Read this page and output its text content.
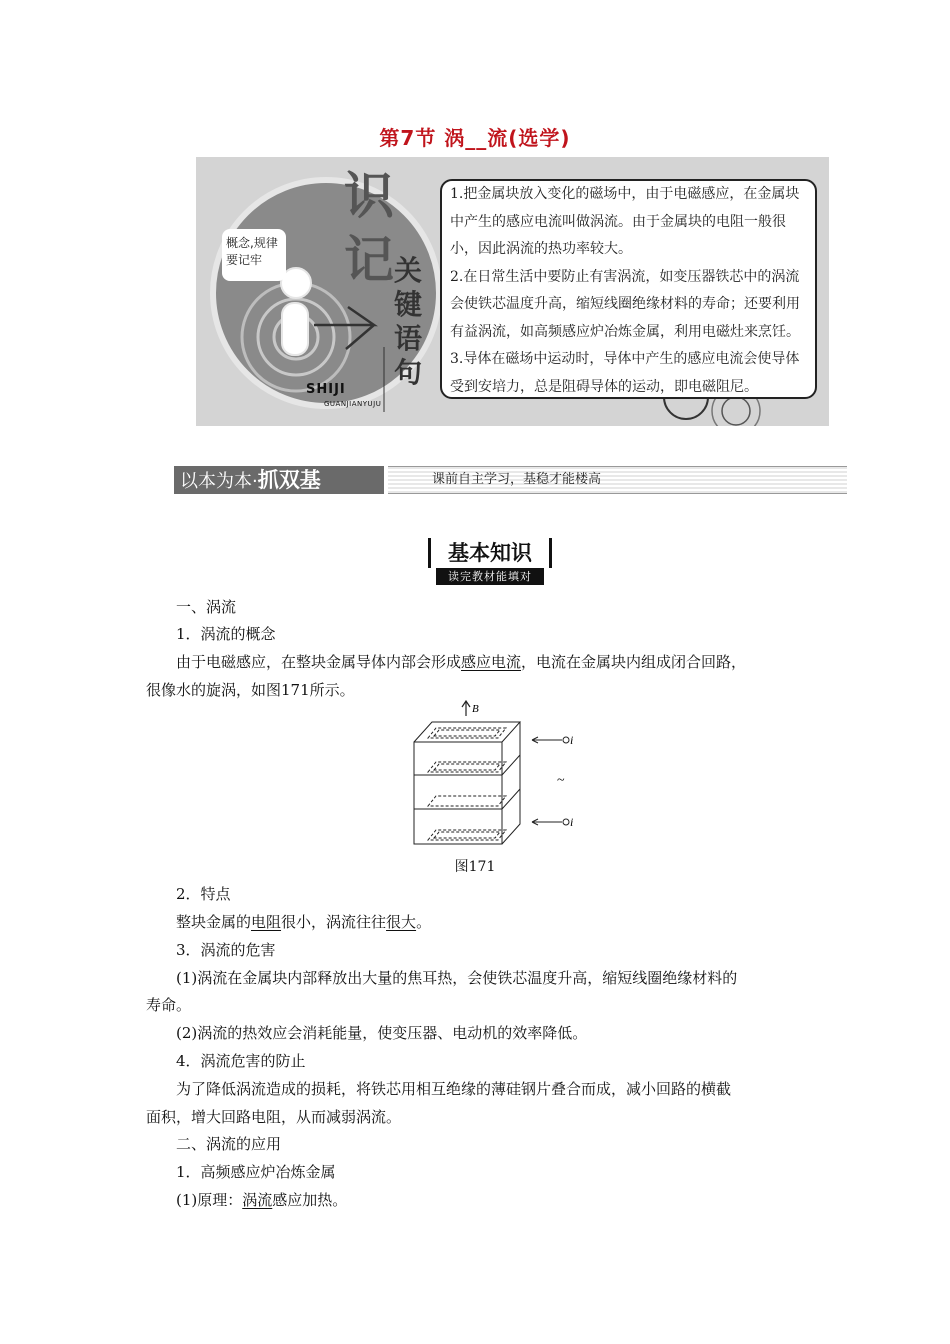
第7节 涡__流(选学)
概念,规律要记牢
识
记 关
键
语
句
SHIJI
GUANJIANYUJU

1.把金属块放入变化的磁场中，由于电磁感应，在金属块中产生的感应电流叫做涡流。由于金属块的电阻一般很小，因此涡流的热功率较大。

2.在日常生活中要防止有害涡流，如变压器铁芯中的涡流会使铁芯温度升高，缩短线圈绝缘材料的寿命；还要利用有益涡流，如高频感应炉冶炼金属，利用电磁灶来烹饪。

3.导体在磁场中运动时，导体中产生的感应电流会使导体受到安培力，总是阻碍导体的运动，即电磁阻尼。

以本为本·抓双基	课前自主学习，基稳才能楼高
基本知识
读完教材能填对
一、涡流
1．涡流的概念
由于电磁感应，在整块金属导体内部会形成感应电流，电流在金属块内组成闭合回路，
很像水的旋涡，如图171所示。
B
i
i
~
图171
2．特点
整块金属的电阻很小，涡流往往很大。
3．涡流的危害
(1)涡流在金属块内部释放出大量的焦耳热，会使铁芯温度升高，缩短线圈绝缘材料的
寿命。
(2)涡流的热效应会消耗能量，使变压器、电动机的效率降低。
4．涡流危害的防止
为了降低涡流造成的损耗，将铁芯用相互绝缘的薄硅钢片叠合而成，减小回路的横截
面积，增大回路电阻，从而减弱涡流。
二、涡流的应用
1．高频感应炉冶炼金属
(1)原理：涡流感应加热。
